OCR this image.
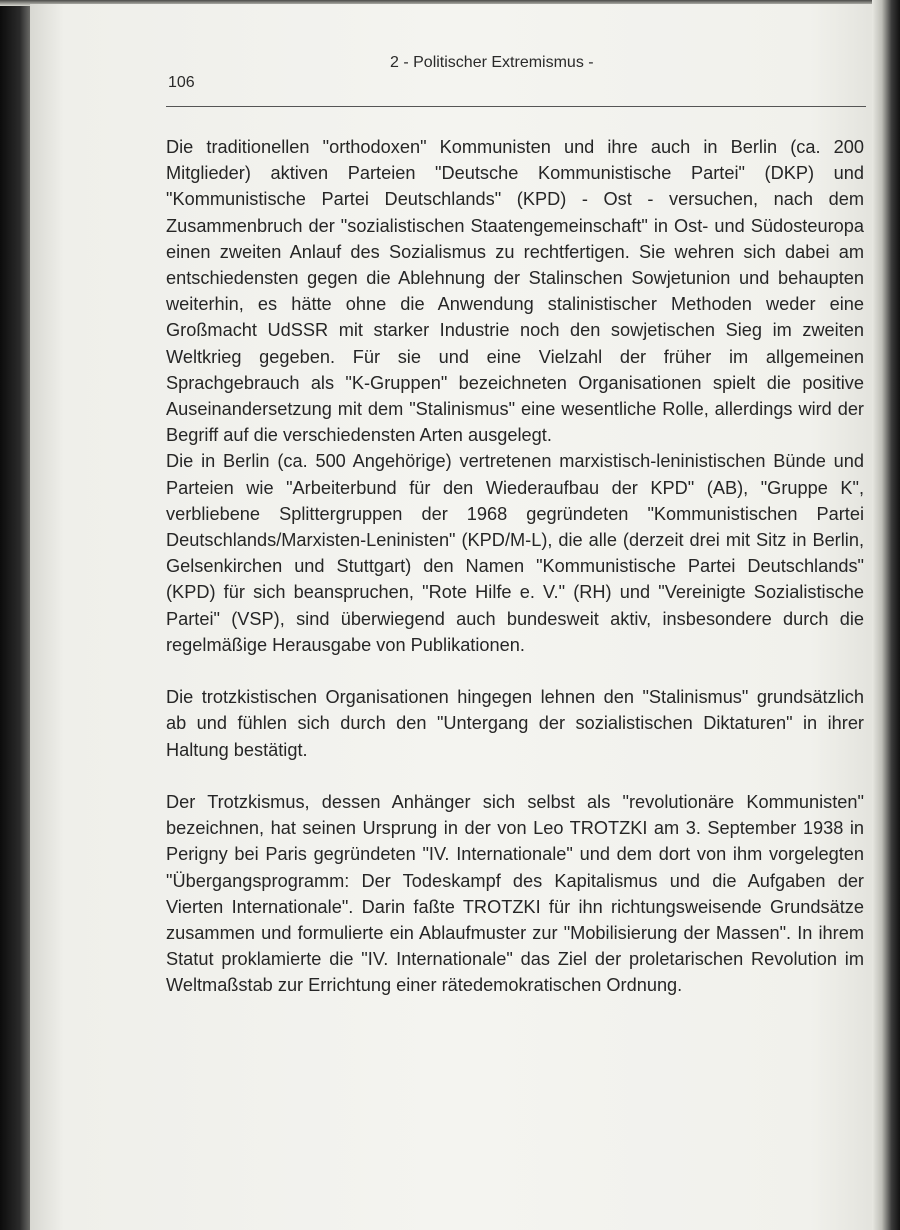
2 - Politischer Extremismus -
106

Die traditionellen "orthodoxen" Kommunisten und ihre auch in Berlin (ca. 200 Mitglieder) aktiven Parteien "Deutsche Kommunistische Partei" (DKP) und "Kommunistische Partei Deutschlands" (KPD) - Ost - versuchen, nach dem Zusammenbruch der "sozialistischen Staatengemeinschaft" in Ost- und Südosteuropa einen zweiten Anlauf des Sozialismus zu rechtfertigen. Sie wehren sich dabei am entschiedensten gegen die Ablehnung der Stalinschen Sowjetunion und behaupten weiterhin, es hätte ohne die Anwendung stalinistischer Methoden weder eine Großmacht UdSSR mit starker Industrie noch den sowjetischen Sieg im zweiten Weltkrieg gegeben. Für sie und eine Vielzahl der früher im allgemeinen Sprachgebrauch als "K-Gruppen" bezeichneten Organisationen spielt die positive Auseinandersetzung mit dem "Stalinismus" eine wesentliche Rolle, allerdings wird der Begriff auf die verschiedensten Arten ausgelegt.

Die in Berlin (ca. 500 Angehörige) vertretenen marxistisch-leninistischen Bünde und Parteien wie "Arbeiterbund für den Wiederaufbau der KPD" (AB), "Gruppe K", verbliebene Splittergruppen der 1968 gegründeten "Kommunistischen Partei Deutschlands/Marxisten-Leninisten" (KPD/M-L), die alle (derzeit drei mit Sitz in Berlin, Gelsenkirchen und Stuttgart) den Namen "Kommunistische Partei Deutschlands" (KPD) für sich beanspruchen, "Rote Hilfe e. V." (RH) und "Vereinigte Sozialistische Partei" (VSP), sind überwiegend auch bundesweit aktiv, insbesondere durch die regelmäßige Herausgabe von Publikationen.

Die trotzkistischen Organisationen hingegen lehnen den "Stalinismus" grundsätzlich ab und fühlen sich durch den "Untergang der sozialistischen Diktaturen" in ihrer Haltung bestätigt.

Der Trotzkismus, dessen Anhänger sich selbst als "revolutionäre Kommunisten" bezeichnen, hat seinen Ursprung in der von Leo TROTZKI am 3. September 1938 in Perigny bei Paris gegründeten "IV. Internationale" und dem dort von ihm vorgelegten "Übergangsprogramm: Der Todeskampf des Kapitalismus und die Aufgaben der Vierten Internationale". Darin faßte TROTZKI für ihn richtungsweisende Grundsätze zusammen und formulierte ein Ablaufmuster zur "Mobilisierung der Massen". In ihrem Statut proklamierte die "IV. Internationale" das Ziel der proletarischen Revolution im Weltmaßstab zur Errichtung einer rätedemokratischen Ordnung.
